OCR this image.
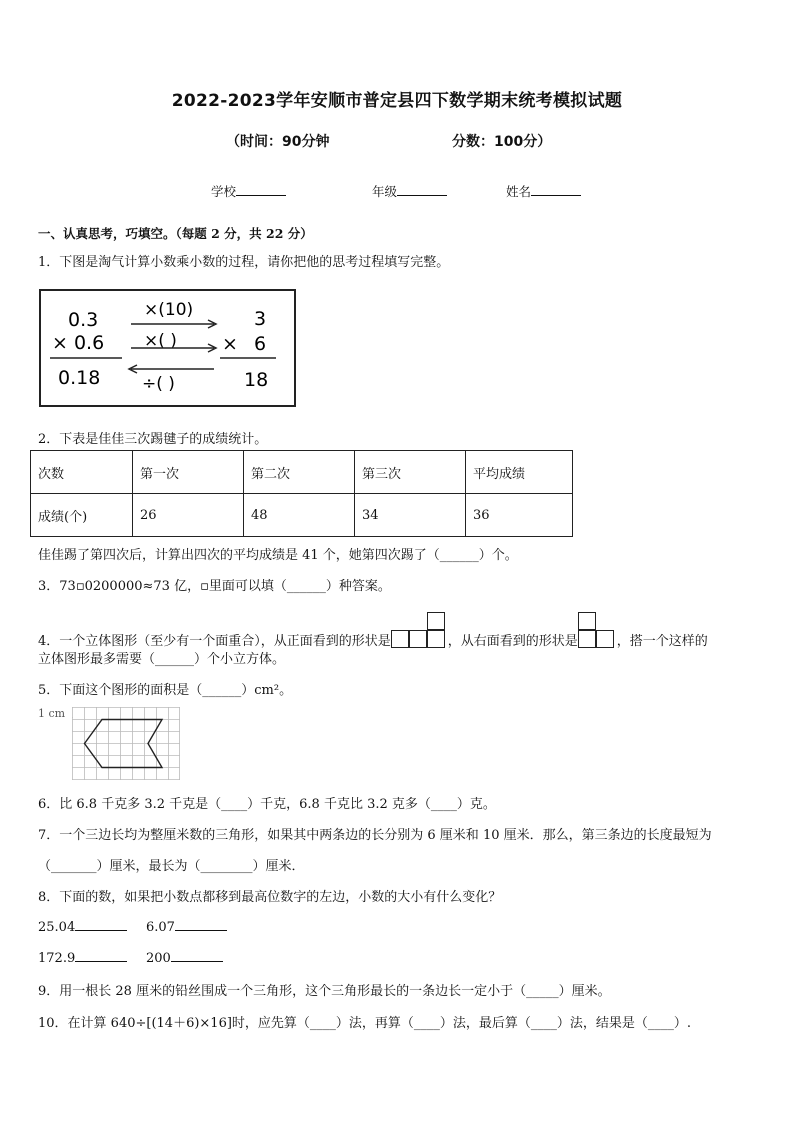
2022-2023学年安顺市普定县四下数学期末统考模拟试题
（时间：90分钟	分数：100分）
学校	年级	姓名
一、认真思考，巧填空。（每题 2 分，共 22 分）
1．下图是淘气计算小数乘小数的过程，请你把他的思考过程填写完整。
0.3
× 0.6
0.18
×(10)
×( )
÷( )
3
× 6
18
2．下表是佳佳三次踢毽子的成绩统计。
次数	第一次	第二次	第三次	平均成绩
成绩(个)	26	48	34	36
佳佳踢了第四次后，计算出四次的平均成绩是 41 个，她第四次踢了（______）个。
3．73▫0200000≈73 亿，▫里面可以填（______）种答案。
4．一个立体图形（至少有一个面重合），从正面看到的形状是	，从右面看到的形状是	，搭一个这样的
立体图形最多需要（______）个小立方体。
5．下面这个图形的面积是（______）cm²。
1 cm
6．比 6.8 千克多 3.2 千克是（____）千克，6.8 千克比 3.2 克多（____）克。
7．一个三边长均为整厘米数的三角形，如果其中两条边的长分别为 6 厘米和 10 厘米．那么，第三条边的长度最短为
（_______）厘米，最长为（________）厘米．
8．下面的数，如果把小数点都移到最高位数字的左边，小数的大小有什么变化？
25.04	6.07
172.9	200
9．用一根长 28 厘米的铅丝围成一个三角形，这个三角形最长的一条边长一定小于（_____）厘米。
10．在计算 640÷[(14＋6)×16]时，应先算（____）法，再算（____）法，最后算（____）法，结果是（____）.
